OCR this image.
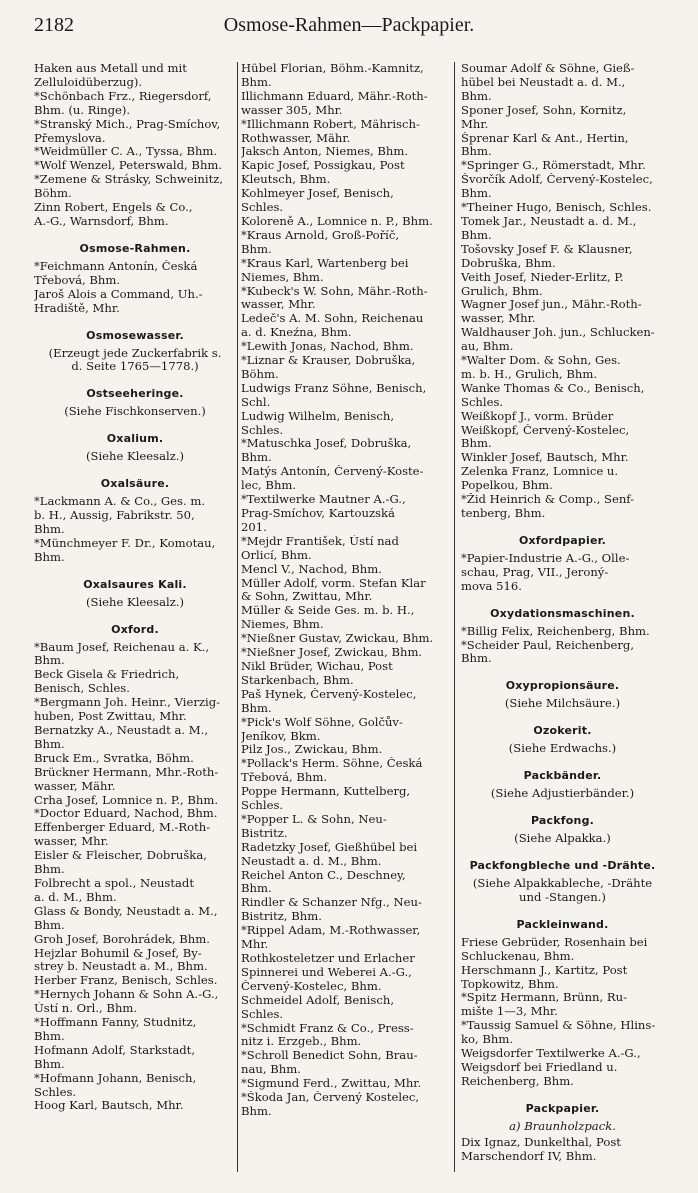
2182	Osmose-Rahmen—Packpapier.
Haken aus Metall und mit
Zelluloidüberzug).
*Schönbach Frz., Riegersdorf,
Bhm. (u. Ringe).
*Stranský Mich., Prag-Smíchov,
Přemyslova.
*Weidmüller C. A., Tyssa, Bhm.
*Wolf Wenzel, Peterswald, Bhm.
*Zemene & Strásky, Schweinitz,
Böhm.
Zinn Robert, Engels & Co.,
A.-G., Warnsdorf, Bhm.
Osmose-Rahmen.
*Feichmann Antonín, Česká
Třebová, Bhm.
Jaroš Alois a Command, Uh.-
Hradiště, Mhr.
Osmosewasser.
(Erzeugt jede Zuckerfabrik s.
d. Seite 1765—1778.)
Ostseeheringe.
(Siehe Fischkonserven.)
Oxalium.
(Siehe Kleesalz.)
Oxalsäure.
*Lackmann A. & Co., Ges. m.
b. H., Aussig, Fabrikstr. 50,
Bhm.
*Münchmeyer F. Dr., Komotau,
Bhm.
Oxalsaures Kali.
(Siehe Kleesalz.)
Oxford.
*Baum Josef, Reichenau a. K.,
Bhm.
Beck Gisela & Friedrich,
Benisch, Schles.
*Bergmann Joh. Heinr., Vierzig-
huben, Post Zwittau, Mhr.
Bernatzky A., Neustadt a. M.,
Bhm.
Bruck Em., Svratka, Böhm.
Brückner Hermann, Mhr.-Roth-
wasser, Mähr.
Crha Josef, Lomnice n. P., Bhm.
*Doctor Eduard, Nachod, Bhm.
Effenberger Eduard, M.-Roth-
wasser, Mhr.
Eisler & Fleischer, Dobruška,
Bhm.
Folbrecht a spol., Neustadt
a. d. M., Bhm.
Glass & Bondy, Neustadt a. M.,
Bhm.
Groh Josef, Borohrádek, Bhm.
Hejzlar Bohumil & Josef, By-
strey b. Neustadt a. M., Bhm.
Herber Franz, Benisch, Schles.
*Hernych Johann & Sohn A.-G.,
Ústí n. Orl., Bhm.
*Hoffmann Fanny, Studnitz,
Bhm.
Hofmann Adolf, Starkstadt,
Bhm.
*Hofmann Johann, Benisch,
Schles.
Hoog Karl, Bautsch, Mhr.
Hübel Florian, Böhm.-Kamnitz,
Bhm.
Illichmann Eduard, Mähr.-Roth-
wasser 305, Mhr.
*Illichmann Robert, Mährisch-
Rothwasser, Mähr.
Jaksch Anton, Niemes, Bhm.
Kapic Josef, Possigkau, Post
Kleutsch, Bhm.
Kohlmeyer Josef, Benisch,
Schles.
Koloreně A., Lomnice n. P., Bhm.
*Kraus Arnold, Groß-Poříč,
Bhm.
*Kraus Karl, Wartenberg bei
Niemes, Bhm.
*Kubeck's W. Sohn, Mähr.-Roth-
wasser, Mhr.
Ledeč's A. M. Sohn, Reichenau
a. d. Kneźna, Bhm.
*Lewith Jonas, Nachod, Bhm.
*Liznar & Krauser, Dobruška,
Böhm.
Ludwigs Franz Söhne, Benisch,
Schl.
Ludwig Wilhelm, Benisch,
Schles.
*Matuschka Josef, Dobruška,
Bhm.
Matýs Antonín, Červený-Koste-
lec, Bhm.
*Textilwerke Mautner A.-G.,
Prag-Smíchov, Kartouzská
201.
*Mejdr František, Ústí nad
Orlicí, Bhm.
Mencl V., Nachod, Bhm.
Müller Adolf, vorm. Stefan Klar
& Sohn, Zwittau, Mhr.
Müller & Seide Ges. m. b. H.,
Niemes, Bhm.
*Nießner Gustav, Zwickau, Bhm.
*Nießner Josef, Zwickau, Bhm.
Nikl Brüder, Wichau, Post
Starkenbach, Bhm.
Paš Hynek, Červený-Kostelec,
Bhm.
*Pick's Wolf Söhne, Golčův-
Jeníkov, Bkm.
Pilz Jos., Zwickau, Bhm.
*Pollack's Herm. Söhne, Česká
Třebová, Bhm.
Poppe Hermann, Kuttelberg,
Schles.
*Popper L. & Sohn, Neu-
Bistritz.
Radetzky Josef, Gießhübel bei
Neustadt a. d. M., Bhm.
Reichel Anton C., Deschney,
Bhm.
Rindler & Schanzer Nfg., Neu-
Bistritz, Bhm.
*Rippel Adam, M.-Rothwasser,
Mhr.
Rothkosteletzer und Erlacher
Spinnerei und Weberei A.-G.,
Červený-Kostelec, Bhm.
Schmeidel Adolf, Benisch,
Schles.
*Schmidt Franz & Co., Press-
nitz i. Erzgeb., Bhm.
*Schroll Benedict Sohn, Brau-
nau, Bhm.
*Sigmund Ferd., Zwittau, Mhr.
*Škoda Jan, Červený Kostelec,
Bhm.
Soumar Adolf & Söhne, Gieß-
hübel bei Neustadt a. d. M.,
Bhm.
Sponer Josef, Sohn, Kornitz,
Mhr.
Šprenar Karl & Ant., Hertin,
Bhm.
*Springer G., Römerstadt, Mhr.
Švorčík Adolf, Červený-Kostelec,
Bhm.
*Theiner Hugo, Benisch, Schles.
Tomek Jar., Neustadt a. d. M.,
Bhm.
Tošovsky Josef F. & Klausner,
Dobruška, Bhm.
Veith Josef, Nieder-Erlitz, P.
Grulich, Bhm.
Wagner Josef jun., Mähr.-Roth-
wasser, Mhr.
Waldhauser Joh. jun., Schlucken-
au, Bhm.
*Walter Dom. & Sohn, Ges.
m. b. H., Grulich, Bhm.
Wanke Thomas & Co., Benisch,
Schles.
Weißkopf J., vorm. Brüder
Weißkopf, Červený-Kostelec,
Bhm.
Winkler Josef, Bautsch, Mhr.
Zelenka Franz, Lomnice u.
Popelkou, Bhm.
*Žid Heinrich & Comp., Senf-
tenberg, Bhm.
Oxfordpapier.
*Papier-Industrie A.-G., Olle-
schau, Prag, VII., Jeroný-
mova 516.
Oxydationsmaschinen.
*Billig Felix, Reichenberg, Bhm.
*Scheider Paul, Reichenberg,
Bhm.
Oxypropionsäure.
(Siehe Milchsäure.)
Ozokerit.
(Siehe Erdwachs.)
Packbänder.
(Siehe Adjustierbänder.)
Packfong.
(Siehe Alpakka.)
Packfongbleche und -Drähte.
(Siehe Alpakkableche, -Drähte
und -Stangen.)
Packleinwand.
Friese Gebrüder, Rosenhain bei
Schluckenau, Bhm.
Herschmann J., Kartitz, Post
Topkowitz, Bhm.
*Spitz Hermann, Brünn, Ru-
mište 1—3, Mhr.
*Taussig Samuel & Söhne, Hlins-
ko, Bhm.
Weigsdorfer Textilwerke A.-G.,
Weigsdorf bei Friedland u.
Reichenberg, Bhm.
Packpapier.
a) Braunholzpack.
Dix Ignaz, Dunkelthal, Post
Marschendorf IV, Bhm.
